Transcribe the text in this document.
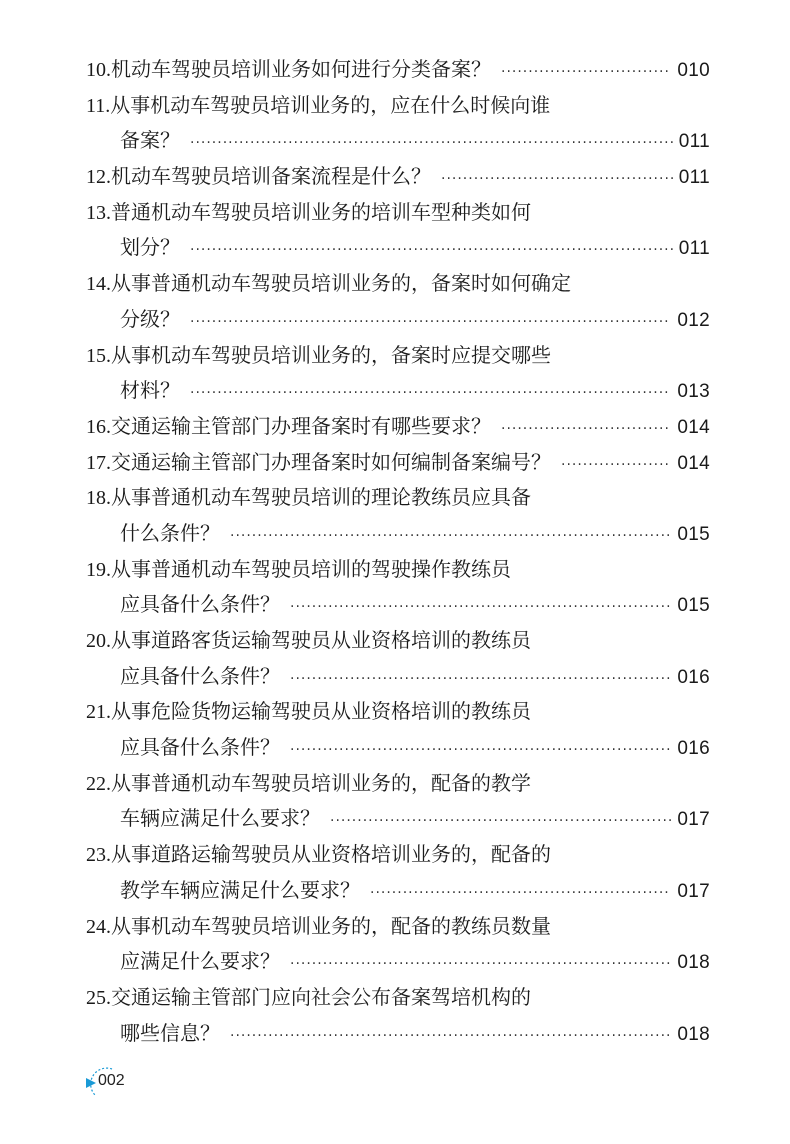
10. 机动车驾驶员培训业务如何进行分类备案？ ·····	010
11.从事机动车驾驶员培训业务的，应在什么时候向谁
备案？ ·····	011
12. 机动车驾驶员培训备案流程是什么？ ·····	011
13.普通机动车驾驶员培训业务的培训车型种类如何
划分？ ·····	011
14.从事普通机动车驾驶员培训业务的，备案时如何确定
分级？ ·····	012
15.从事机动车驾驶员培训业务的，备案时应提交哪些
材料？ ·····	013
16. 交通运输主管部门办理备案时有哪些要求？ ·····	014
17. 交通运输主管部门办理备案时如何编制备案编号？ ·····	014
18.从事普通机动车驾驶员培训的理论教练员应具备
什么条件？ ·····	015
19.从事普通机动车驾驶员培训的驾驶操作教练员
应具备什么条件？ ·····	015
20.从事道路客货运输驾驶员从业资格培训的教练员
应具备什么条件？ ·····	016
21.从事危险货物运输驾驶员从业资格培训的教练员
应具备什么条件？ ·····	016
22.从事普通机动车驾驶员培训业务的，配备的教学
车辆应满足什么要求？ ·····	017
23.从事道路运输驾驶员从业资格培训业务的，配备的
教学车辆应满足什么要求？ ·····	017
24.从事机动车驾驶员培训业务的，配备的教练员数量
应满足什么要求？ ·····	018
25.交通运输主管部门应向社会公布备案驾培机构的
哪些信息？ ·····	018
002
